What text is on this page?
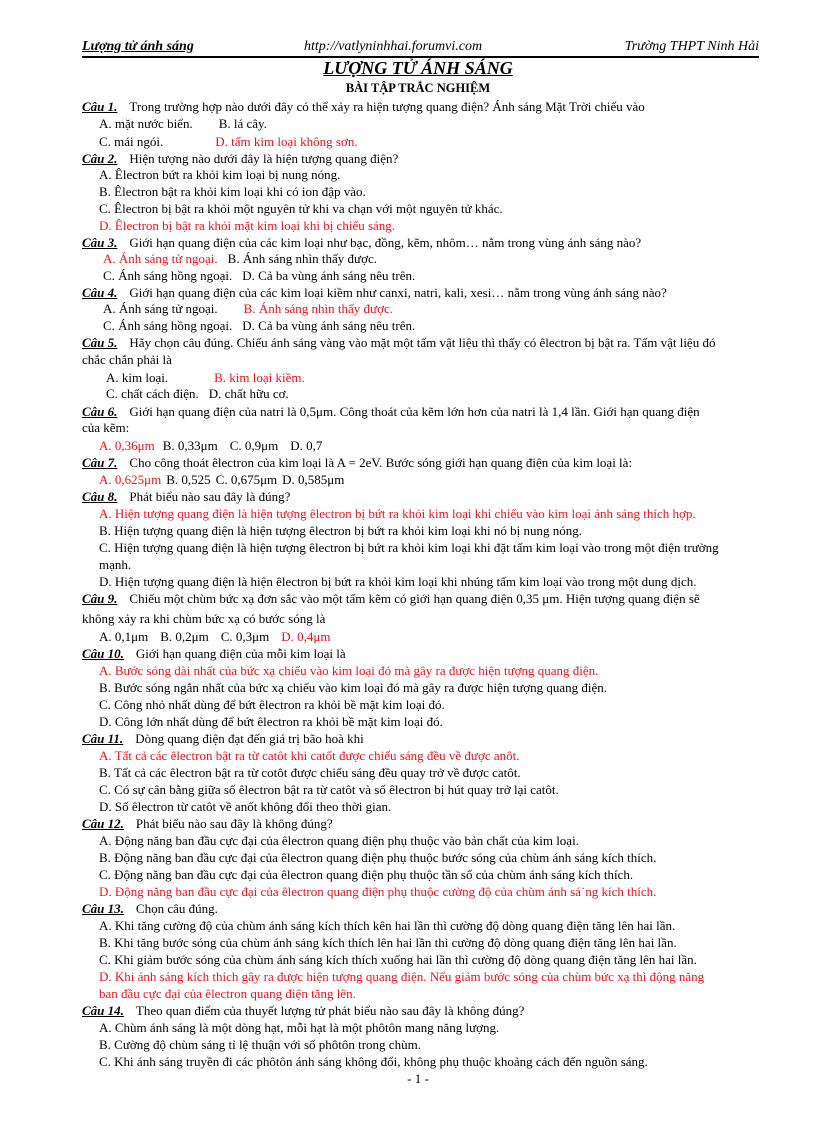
Lượng tử ánh sáng	http://vatlyninhhai.forumvi.com	Trường THPT Ninh Hải
LƯỢNG TỬ ÁNH SÁNG
BÀI TẬP TRẮC NGHIỆM
Câu 1. Trong trường hợp nào dưới đây có thể xảy ra hiện tượng quang điện? Ánh sáng Mặt Trời chiếu vào
A. mặt nước biển. B. lá cây.
C. mái ngói.	D. tấm kim loại không sơn.
Câu 2. Hiện tượng nào dưới đây là hiện tượng quang điện?
A. Êlectron bứt ra khỏi kim loại bị nung nóng.
B. Êlectron bật ra khỏi kim loại khi có ion đập vào.
C. Êlectron bị bật ra khỏi một nguyên tử khi va chạn với một nguyên tử khác.
D. Êlectron bị bật ra khỏi mặt kim loại khi bị chiếu sáng.
Câu 3. Giới hạn quang điện của các kim loại như bạc, đồng, kẽm, nhôm… nằm trong vùng ánh sáng nào?
A. Ánh sáng tử ngoại. B. Ánh sáng nhìn thấy được.
C. Ánh sáng hồng ngoại. D. Cả ba vùng ánh sáng nêu trên.
Câu 4. Giới hạn quang điện của các kim loại kiềm như canxi, natri, kali, xesi… nằm trong vùng ánh sáng nào?
A. Ánh sáng tử ngoại. B. Ánh sáng nhìn thấy được.
C. Ánh sáng hồng ngoại. D. Cả ba vùng ánh sáng nêu trên.
Câu 5. Hãy chọn câu đúng. Chiếu ánh sáng vàng vào mặt một tấm vật liệu thì thấy có êlectron bị bật ra. Tấm vật liệu đó
chắc chắn phải là
A. kim loại.	B. kim loại kiềm.
C. chất cách điện. D. chất hữu cơ.
Câu 6. Giới hạn quang điện của natri là 0,5μm. Công thoát của kẽm lớn hơn của natri là 1,4 lần. Giới hạn quang điện
của kẽm:
A. 0,36μm B. 0,33μm C. 0,9μm D. 0,7
Câu 7. Cho công thoát êlectron của kim loại là A = 2eV. Bước sóng giới hạn quang điện của kim loại là:
A. 0,625μm B. 0,525 C. 0,675μm D. 0,585μm
Câu 8. Phát biểu nào sau đây là đúng?
A. Hiện tượng quang điện là hiện tượng êlectron bị bứt ra khỏi kim loại khi chiếu vào kim loại ánh sáng thích hợp.
B. Hiện tượng quang điện là hiện tượng êlectron bị bứt ra khỏi kim loại khi nó bị nung nóng.
C. Hiện tượng quang điện là hiện tượng êlectron bị bứt ra khỏi kim loại khi đặt tấm kim loại vào trong một điện trường
mạnh.
D. Hiện tượng quang điện là hiện êlectron bị bứt ra khỏi kim loại khi nhúng tấm kim loại vào trong một dung dịch.
Câu 9. Chiếu một chùm bức xạ đơn sắc vào một tấm kẽm có giới hạn quang điện 0,35 μm. Hiện tượng quang điện sẽ
không xảy ra khi chùm bức xạ có bước sóng là
A. 0,1μm B. 0,2μm C. 0,3μm D. 0,4μm
Câu 10. Giới hạn quang điện của mỗi kim loại là
A. Bước sóng dài nhất của bức xạ chiếu vào kim loại đó mà gây ra được hiện tượng quang điện.
B. Bước sóng ngắn nhất của bức xạ chiếu vào kim loại đó mà gây ra được hiện tượng quang điện.
C. Công nhỏ nhất dùng để bứt êlectron ra khỏi bề mặt kim loại đó.
D. Công lớn nhất dùng để bứt êlectron ra khỏi bề mặt kim loại đó.
Câu 11. Dòng quang điện đạt đến giá trị bão hoà khi
A. Tất cả các êlectron bật ra từ catôt khi catốt được chiếu sáng đều về được anôt.
B. Tất cả các êlectron bật ra từ cotôt được chiếu sáng đều quay trở về được catôt.
C. Có sự cân bằng giữa số êlectron bật ra từ catôt và số êlectron bị hút quay trở lại catôt.
D. Số êlectron từ catôt về anốt không đổi theo thời gian.
Câu 12. Phát biểu nào sau đây là không đúng?
A. Động năng ban đầu cực đại của êlectron quang điện phụ thuộc vào bản chất của kim loại.
B. Động năng ban đầu cực đại của êlectron quang điện phụ thuộc bước sóng của chùm ánh sáng kích thích.
C. Động năng ban đầu cực đại của êlectron quang điện phụ thuộc tần số của chùm ánh sáng kích thích.
D. Động năng ban đầu cực đại của êlectron quang điện phụ thuộc cường độ của chùm ánh sá˙ng kích thích.
Câu 13. Chọn câu đúng.
A. Khi tăng cường độ của chùm ánh sáng kích thích kên hai lần thì cường độ dòng quang điện tăng lên hai lần.
B. Khi tăng bước sóng của chùm ánh sáng kích thích lên hai lần thì cường độ dòng quang điện tăng lên hai lần.
C. Khi giảm bước sóng của chùm ánh sáng kích thích xuống hai lần thì cường độ dòng quang điện tăng lên hai lần.
D. Khi ánh sáng kích thích gây ra được hiện tượng quang điện. Nếu giảm bước sóng của chùm bức xạ thì động năng
ban đầu cực đại của êlectron quang điện tăng lên.
Câu 14. Theo quan điểm của thuyết lượng tử phát biểu nào sau đây là không đúng?
A. Chùm ánh sáng là một dòng hạt, mỗi hạt là một phôtôn mang năng lượng.
B. Cường độ chùm sáng tỉ lệ thuận với số phôtôn trong chùm.
C. Khi ánh sáng truyền đi các phôtôn ánh sáng không đổi, không phụ thuộc khoảng cách đến nguồn sáng.
- 1 -
